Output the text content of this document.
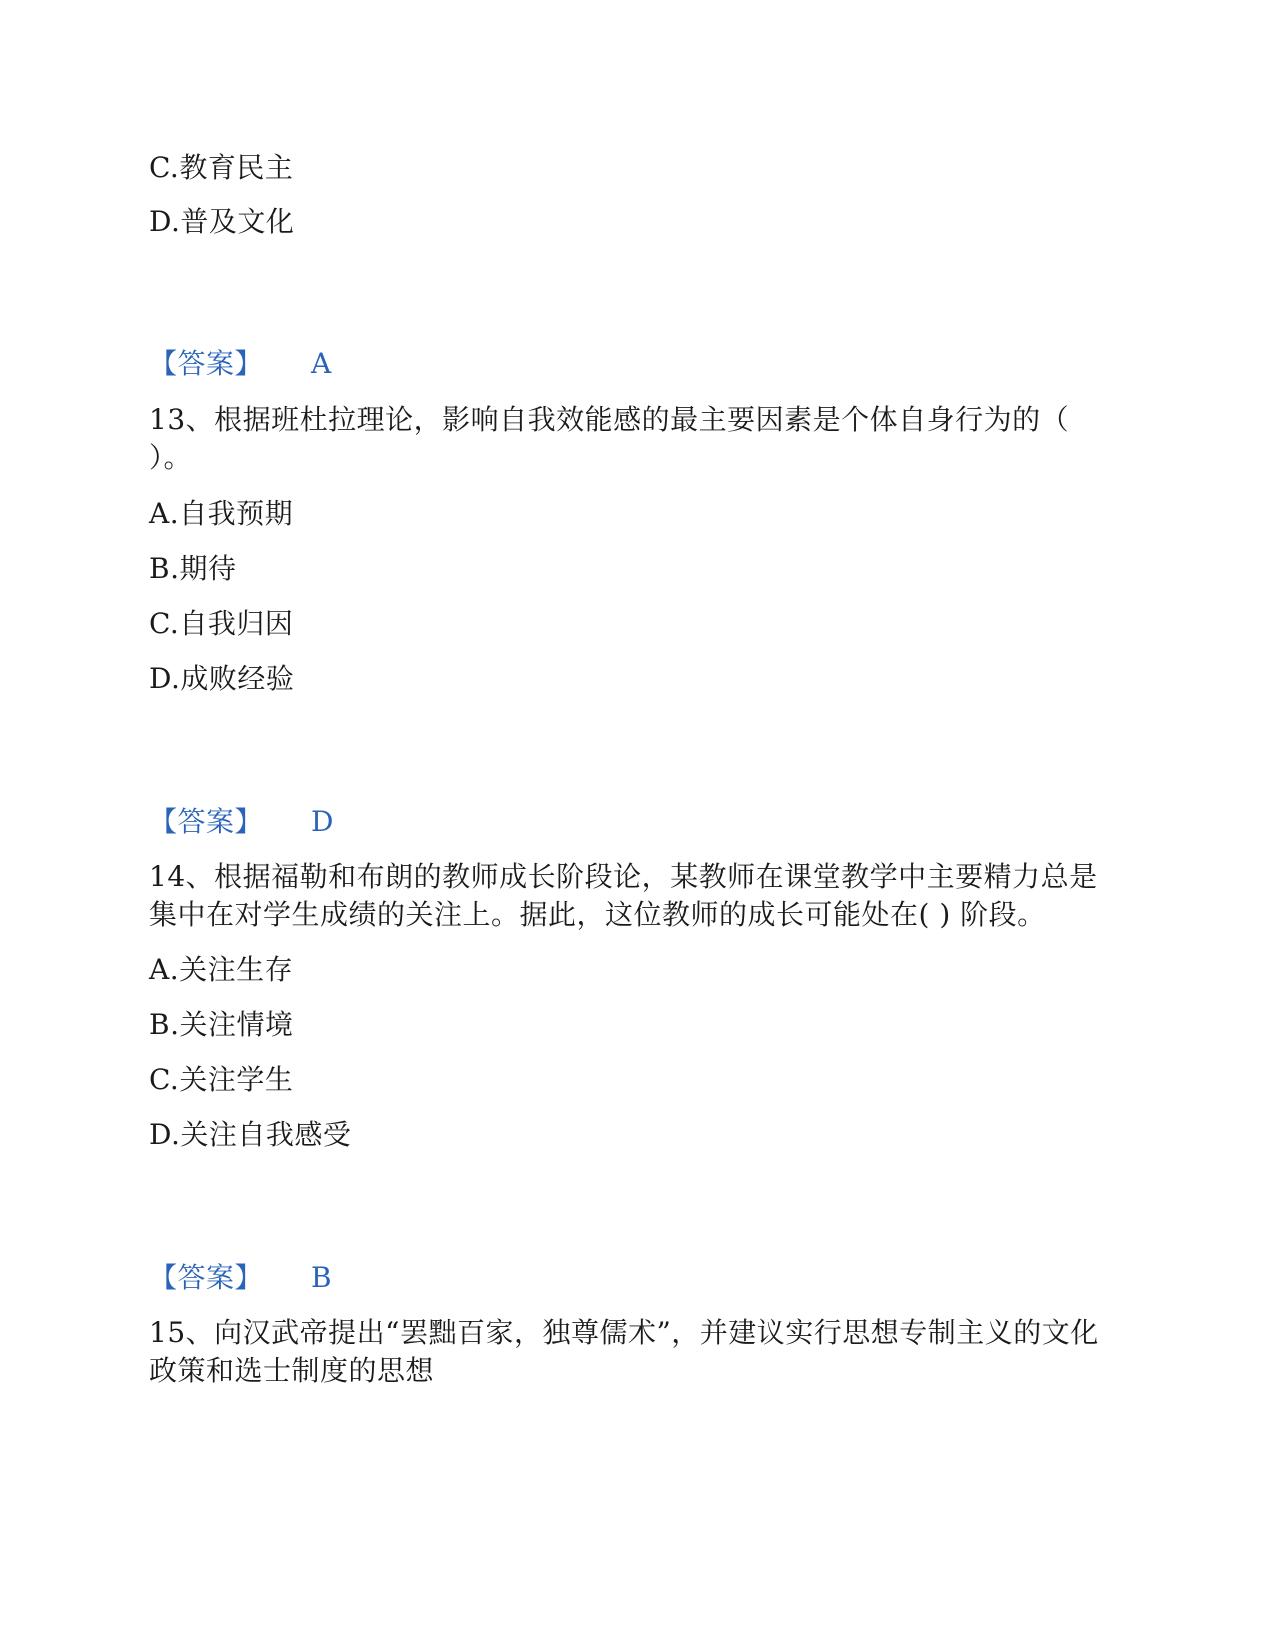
C.教育民主
D.普及文化
【答案】 A
13、根据班杜拉理论，影响自我效能感的最主要因素是个体自身行为的（
）。
A.自我预期
B.期待
C.自我归因
D.成败经验
【答案】 D
14、根据福勒和布朗的教师成长阶段论，某教师在课堂教学中主要精力总是
集中在对学生成绩的关注上。据此，这位教师的成长可能处在( ) 阶段。
A.关注生存
B.关注情境
C.关注学生
D.关注自我感受
【答案】 B
15、向汉武帝提出“罢黜百家，独尊儒术”，并建议实行思想专制主义的文化
政策和选士制度的思想
